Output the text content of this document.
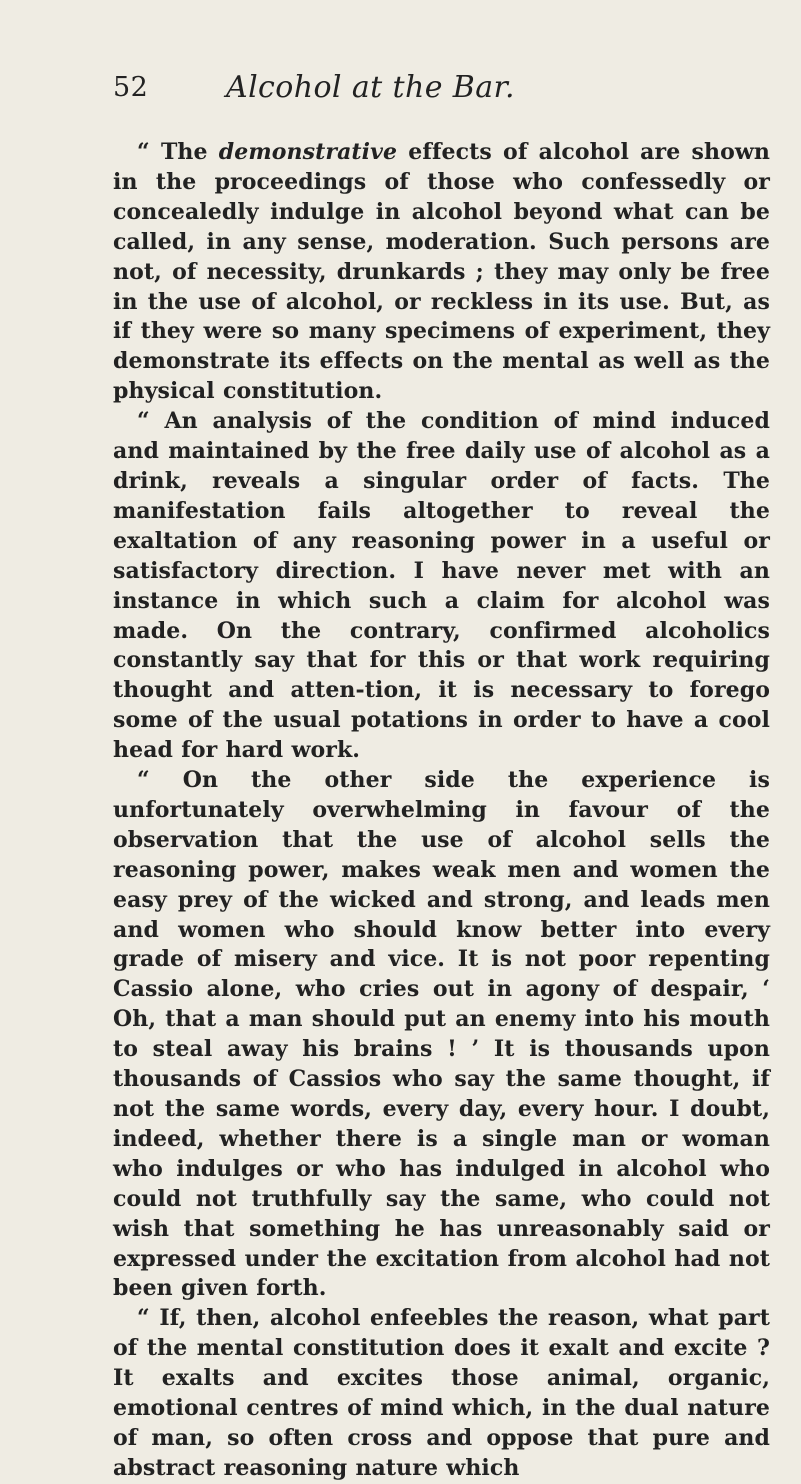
52	Alcohol at the Bar.

“ The demonstrative effects of alcohol are shown in the proceedings of those who confessedly or concealedly indulge in alcohol beyond what can be called, in any sense, moderation. Such persons are not, of necessity, drunkards ; they may only be free in the use of alcohol, or reckless in its use. But, as if they were so many specimens of experiment, they demonstrate its effects on the mental as well as the physical constitution.

“ An analysis of the condition of mind induced and maintained by the free daily use of alcohol as a drink, reveals a singular order of facts. The manifestation fails altogether to reveal the exaltation of any reasoning power in a useful or satisfactory direction. I have never met with an instance in which such a claim for alcohol was made. On the contrary, confirmed alcoholics constantly say that for this or that work requiring thought and atten-tion, it is necessary to forego some of the usual potations in order to have a cool head for hard work.

“ On the other side the experience is unfortunately overwhelming in favour of the observation that the use of alcohol sells the reasoning power, makes weak men and women the easy prey of the wicked and strong, and leads men and women who should know better into every grade of misery and vice. It is not poor repenting Cassio alone, who cries out in agony of despair, ‘ Oh, that a man should put an enemy into his mouth to steal away his brains ! ’ It is thousands upon thousands of Cassios who say the same thought, if not the same words, every day, every hour. I doubt, indeed, whether there is a single man or woman who indulges or who has indulged in alcohol who could not truthfully say the same, who could not wish that something he has unreasonably said or expressed under the excitation from alcohol had not been given forth.

“ If, then, alcohol enfeebles the reason, what part of the mental constitution does it exalt and excite ? It exalts and excites those animal, organic, emotional centres of mind which, in the dual nature of man, so often cross and oppose that pure and abstract reasoning nature which
